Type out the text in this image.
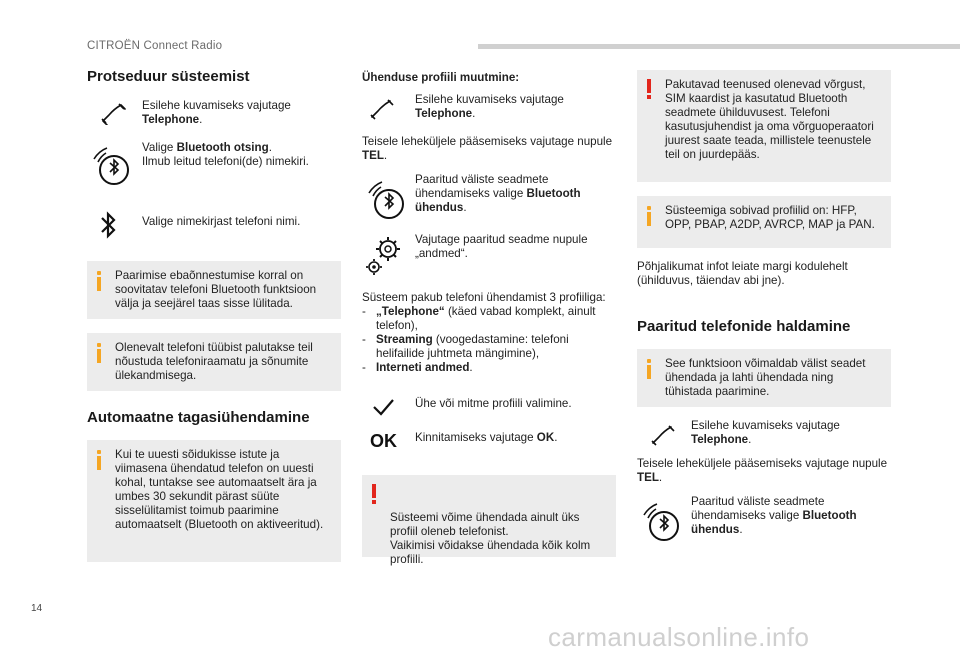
CITROËN Connect Radio
14
carmanualsonline.info
Protseduur süsteemist
Esilehe kuvamiseks vajutage Telephone.
Valige Bluetooth otsing.
Ilmub leitud telefoni(de) nimekiri.
Valige nimekirjast telefoni nimi.
Paarimise ebaõnnestumise korral on soovitatav telefoni Bluetooth funktsioon välja ja seejärel taas sisse lülitada.
Olenevalt telefoni tüübist palutakse teil nõustuda telefoniraamatu ja sõnumite ülekandmisega.
Automaatne tagasiühendamine
Kui te uuesti sõidukisse istute ja viimasena ühendatud telefon on uuesti kohal, tuntakse see automaatselt ära ja umbes 30 sekundit pärast süüte sisselülitamist toimub paarimine automaatselt (Bluetooth on aktiveeritud).
Ühenduse profiili muutmine:
Esilehe kuvamiseks vajutage Telephone.
Teisele leheküljele pääsemiseks vajutage nupule TEL.
Paaritud väliste seadmete ühendamiseks valige Bluetooth ühendus.
Vajutage paaritud seadme nupule „andmed“.
Süsteem pakub telefoni ühendamist 3 profiiliga:
- „Telephone“ (käed vabad komplekt, ainult telefon),
- Streaming (voogedastamine: telefoni helifailide juhtmeta mängimine),
- Interneti andmed.
Ühe või mitme profiili valimine.
OK Kinnitamiseks vajutage OK.

Süsteemi võime ühendada ainult üks profiil oleneb telefonist.
Vaikimisi võidakse ühendada kõik kolm profiili.

Pakutavad teenused olenevad võrgust, SIM kaardist ja kasutatud Bluetooth seadmete ühilduvusest. Telefoni kasutusjuhendist ja oma võrguoperaatori juurest saate teada, millistele teenustele teil on juurdepääs.
Süsteemiga sobivad profiilid on: HFP, OPP, PBAP, A2DP, AVRCP, MAP ja PAN.
Põhjalikumat infot leiate margi kodulehelt (ühilduvus, täiendav abi jne).
Paaritud telefonide haldamine
See funktsioon võimaldab välist seadet ühendada ja lahti ühendada ning tühistada paarimine.
Esilehe kuvamiseks vajutage Telephone.
Teisele leheküljele pääsemiseks vajutage nupule TEL.
Paaritud väliste seadmete ühendamiseks valige Bluetooth ühendus.
